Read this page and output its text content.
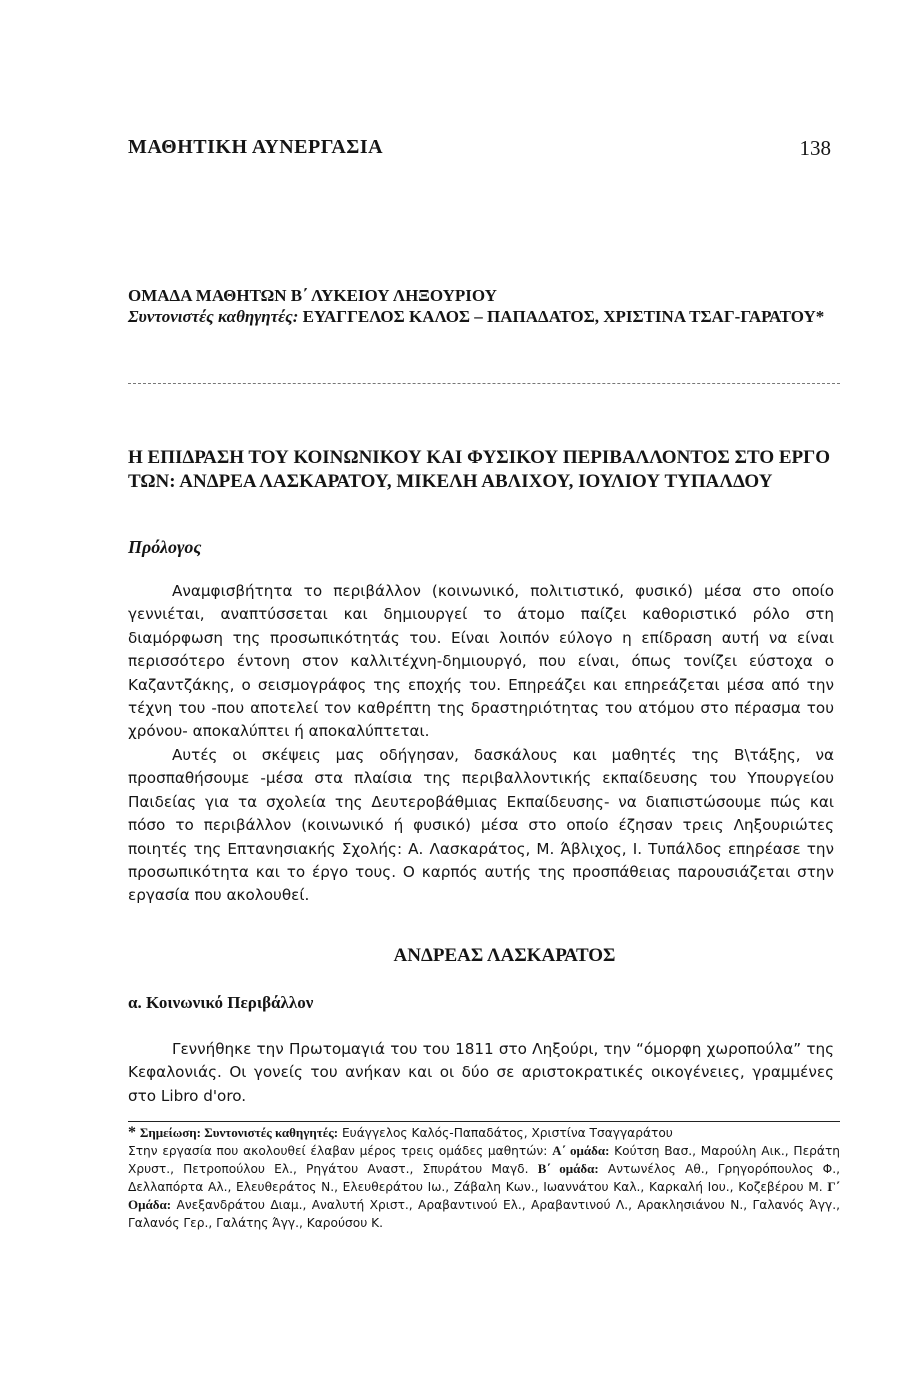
ΜΑΘΗΤΙΚΗ ΑΥΝΕΡΓΑΣΙΑ	138
ΟΜΑΔΑ ΜΑΘΗΤΩΝ Β΄ ΛΥΚΕΙΟΥ ΛΗΞΟΥΡΙΟΥ
Συντονιστές καθηγητές: ΕΥΑΓΓΕΛΟΣ ΚΑΛΟΣ – ΠΑΠΑΔΑΤΟΣ, ΧΡΙΣΤΙΝΑ ΤΣΑΓ-ΓΑΡΑΤΟΥ*
Η ΕΠΙΔΡΑΣΗ ΤΟΥ ΚΟΙΝΩΝΙΚΟΥ ΚΑΙ ΦΥΣΙΚΟΥ ΠΕΡΙΒΑΛΛΟΝΤΟΣ ΣΤΟ ΕΡΓΟ ΤΩΝ: ΑΝΔΡΕΑ ΛΑΣΚΑΡΑΤΟΥ, ΜΙΚΕΛΗ ΑΒΛΙΧΟΥ, ΙΟΥΛΙΟΥ ΤΥΠΑΛΔΟΥ
Πρόλογος
Αναμφισβήτητα το περιβάλλον (κοινωνικό, πολιτιστικό, φυσικό) μέσα στο οποίο γεννιέται, αναπτύσσεται και δημιουργεί το άτομο παίζει καθοριστικό ρόλο στη διαμόρφωση της προσωπικότητάς του. Είναι λοιπόν εύλογο η επίδραση αυτή να είναι περισσότερο έντονη στον καλλιτέχνη-δημιουργό, που είναι, όπως τονίζει εύστοχα ο Καζαντζάκης, ο σεισμογράφος της εποχής του. Επηρεάζει και επηρεάζεται μέσα από την τέχνη του -που αποτελεί τον καθρέπτη της δραστηριότητας του ατόμου στο πέρασμα του χρόνου- αποκαλύπτει ή αποκαλύπτεται.
Αυτές οι σκέψεις μας οδήγησαν, δασκάλους και μαθητές της Β\τάξης, να προσπαθήσουμε -μέσα στα πλαίσια της περιβαλλοντικής εκπαίδευσης του Υπουργείου Παιδείας για τα σχολεία της Δευτεροβάθμιας Εκπαίδευσης- να διαπιστώσουμε πώς και πόσο το περιβάλλον (κοινωνικό ή φυσικό) μέσα στο οποίο έζησαν τρεις Ληξουριώτες ποιητές της Επτανησιακής Σχολής: Α. Λασκαράτος, Μ. Άβλιχος, Ι. Τυπάλδος επηρέασε την προσωπικότητα και το έργο τους. Ο καρπός αυτής της προσπάθειας παρουσιάζεται στην εργασία που ακολουθεί.
ΑΝΔΡΕΑΣ ΛΑΣΚΑΡΑΤΟΣ
α. Κοινωνικό Περιβάλλον
Γεννήθηκε την Πρωτομαγιά του του 1811 στο Ληξούρι, την “όμορφη χωροπούλα” της Κεφαλονιάς. Οι γονείς του ανήκαν και οι δύο σε αριστοκρατικές οικογένειες, γραμμένες στο Libro d'oro.
* Σημείωση: Συντονιστές καθηγητές: Ευάγγελος Καλός-Παπαδάτος, Χριστίνα Τσαγγαράτου
Στην εργασία που ακολουθεί έλαβαν μέρος τρεις ομάδες μαθητών: Α΄ ομάδα: Κούτση Βασ., Μαρούλη Αικ., Περάτη Χρυστ., Πετροπούλου Ελ., Ρηγάτου Αναστ., Σπυράτου Μαγδ. Β΄ ομάδα: Αντωνέλος Αθ., Γρηγορόπουλος Φ., Δελλαπόρτα Αλ., Ελευθεράτος Ν., Ελευθεράτου Ιω., Ζάβαλη Κων., Ιωαννάτου Καλ., Καρκαλή Ιου., Κοζεβέρου Μ. Γ΄ Ομάδα: Ανεξανδράτου Διαμ., Αναλυτή Χριστ., Αραβαντινού Ελ., Αραβαντινού Λ., Αρακλησιάνου Ν., Γαλανός Άγγ., Γαλανός Γερ., Γαλάτης Άγγ., Καρούσου Κ.
